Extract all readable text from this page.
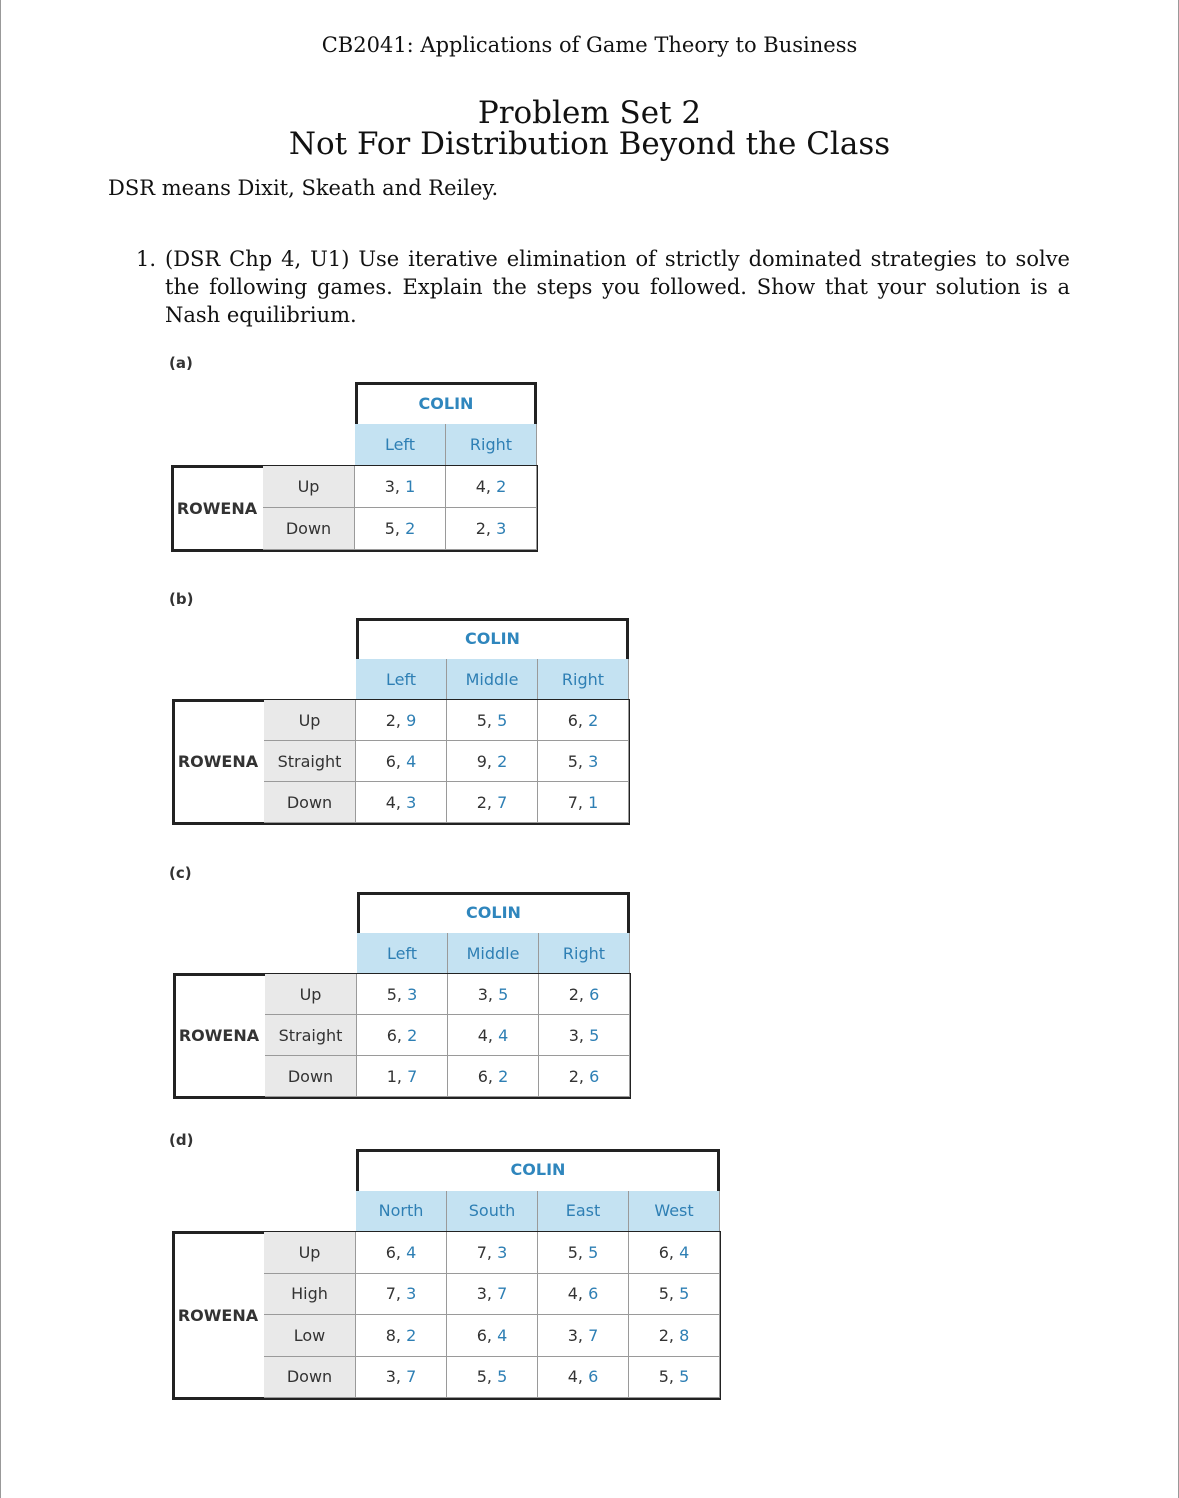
CB2041: Applications of Game Theory to Business
Problem Set 2
Not For Distribution Beyond the Class
DSR means Dixit, Skeath and Reiley.
1. (DSR Chp 4, U1) Use iterative elimination of strictly dominated strategies to solve the following games. Explain the steps you followed. Show that your solution is a Nash equilibrium.
(a)
COLIN
Left	Right
ROWENA
Up	3 , 1	4 , 2
Down	5 , 2	2 , 3
(b)
COLIN
Left	Middle	Right
ROWENA
Up	2 , 9	5 , 5	6 , 2
Straight	6 , 4	9 , 2	5 , 3
Down	4 , 3	2 , 7	7 , 1
(c)
COLIN
Left	Middle	Right
ROWENA
Up	5 , 3	3 , 5	2 , 6
Straight	6 , 2	4 , 4	3 , 5
Down	1 , 7	6 , 2	2 , 6
(d)
COLIN
North	South	East	West
ROWENA
Up	6 , 4	7 , 3	5 , 5	6 , 4
High	7 , 3	3 , 7	4 , 6	5 , 5
Low	8 , 2	6 , 4	3 , 7	2 , 8
Down	3 , 7	5 , 5	4 , 6	5 , 5
